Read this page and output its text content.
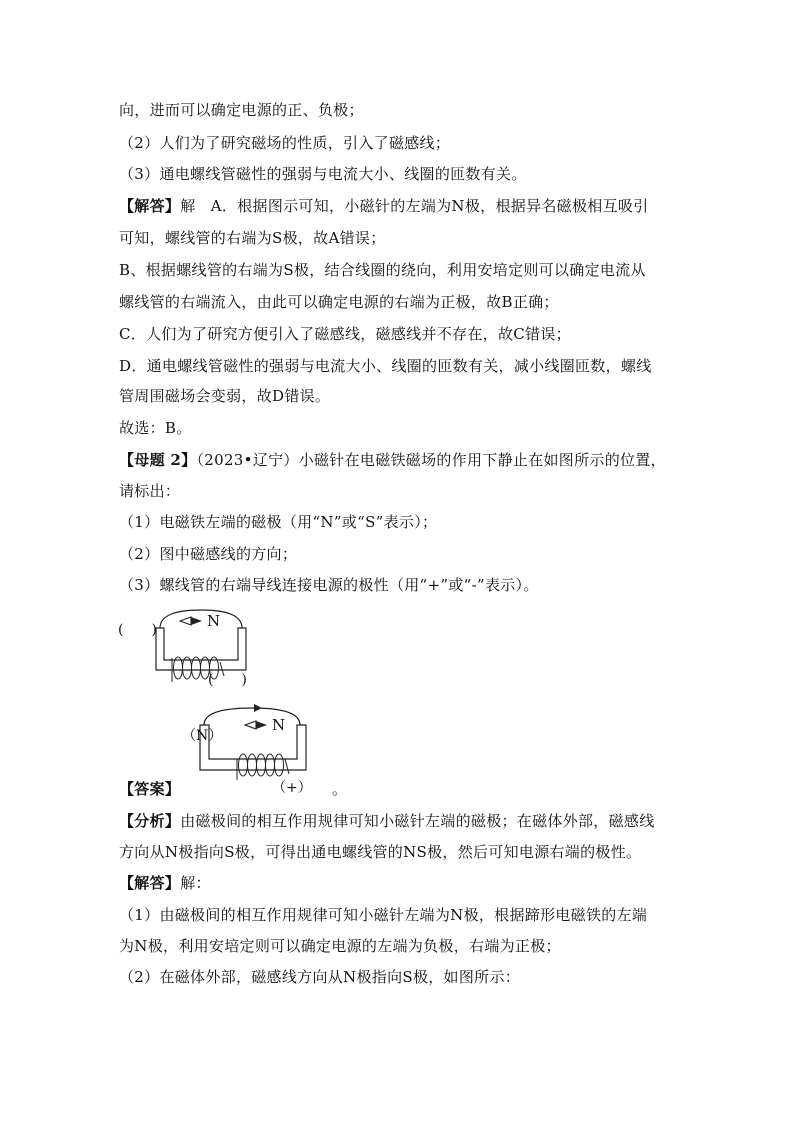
向，进而可以确定电源的正、负极；
（2）人们为了研究磁场的性质，引入了磁感线；
（3）通电螺线管磁性的强弱与电流大小、线圈的匝数有关。
【解答】解　A．根据图示可知，小磁针的左端为N极，根据异名磁极相互吸引
可知，螺线管的右端为S极，故A错误；
B、根据螺线管的右端为S极，结合线圈的绕向，利用安培定则可以确定电流从
螺线管的右端流入，由此可以确定电源的右端为正极，故B正确；
C．人们为了研究方便引入了磁感线，磁感线并不存在，故C错误；
D．通电螺线管磁性的强弱与电流大小、线圈的匝数有关，减小线圈匝数，螺线
管周围磁场会变弱，故D错误。
故选：B。
【母题 2】（2023•辽宁）小磁针在电磁铁磁场的作用下静止在如图所示的位置，
请标出：
（1）电磁铁左端的磁极（用“N”或“S”表示）；
（2）图中磁感线的方向；
（3）螺线管的右端导线连接电源的极性（用“+”或“-”表示）。
N
(　　)
(　　)
N
（N）
（+） 。
【答案】
【分析】由磁极间的相互作用规律可知小磁针左端的磁极；在磁体外部，磁感线
方向从N极指向S极，可得出通电螺线管的NS极，然后可知电源右端的极性。
【解答】解：
（1）由磁极间的相互作用规律可知小磁针左端为N极，根据蹄形电磁铁的左端
为N极，利用安培定则可以确定电源的左端为负极，右端为正极；
（2）在磁体外部，磁感线方向从N极指向S极，如图所示：
